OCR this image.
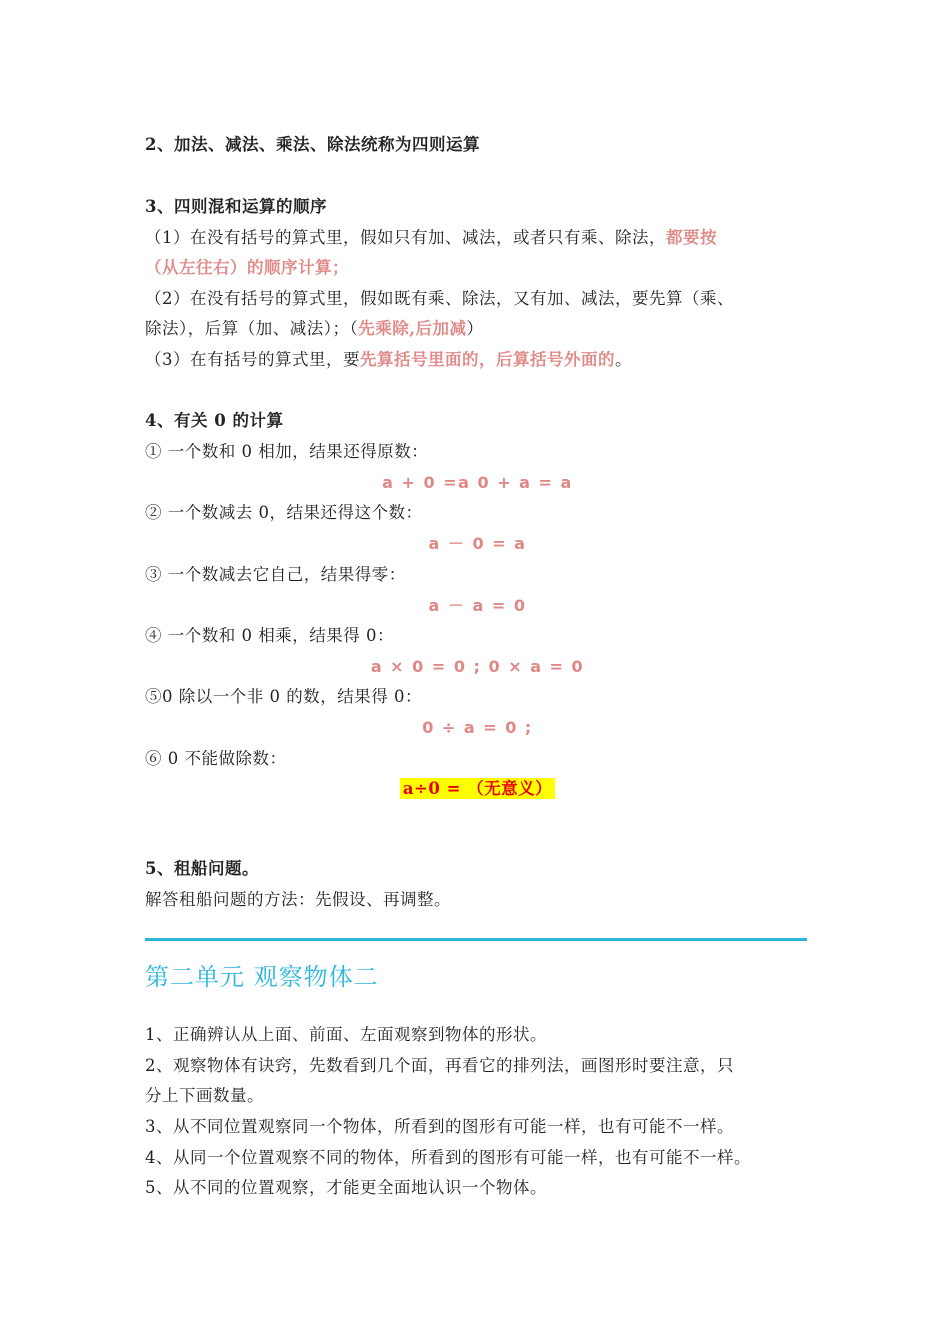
2、加法、减法、乘法、除法统称为四则运算
3、四则混和运算的顺序
（1）在没有括号的算式里，假如只有加、减法，或者只有乘、除法，都要按
（从左往右）的顺序计算；
（2）在没有括号的算式里，假如既有乘、除法，又有加、减法，要先算（乘、
除法），后算（加、减法）；（先乘除,后加减）
（3）在有括号的算式里，要先算括号里面的，后算括号外面的。
4、有关 0 的计算
① 一个数和 0 相加，结果还得原数：
a + 0 =a 0 + a = a
② 一个数减去 0，结果还得这个数：
a － 0 = a
③ 一个数减去它自己，结果得零：
a － a = 0
④ 一个数和 0 相乘，结果得 0：
a × 0 = 0 ; 0 × a = 0
⑤0 除以一个非 0 的数，结果得 0：
0 ÷ a = 0 ;
⑥ 0 不能做除数：
a÷0 = （无意义）
5、租船问题。
解答租船问题的方法：先假设、再调整。
第二单元 观察物体二
1、正确辨认从上面、前面、左面观察到物体的形状。
2、观察物体有诀窍，先数看到几个面，再看它的排列法，画图形时要注意，只
分上下画数量。
3、从不同位置观察同一个物体，所看到的图形有可能一样，也有可能不一样。
4、从同一个位置观察不同的物体，所看到的图形有可能一样，也有可能不一样。
5、从不同的位置观察，才能更全面地认识一个物体。
